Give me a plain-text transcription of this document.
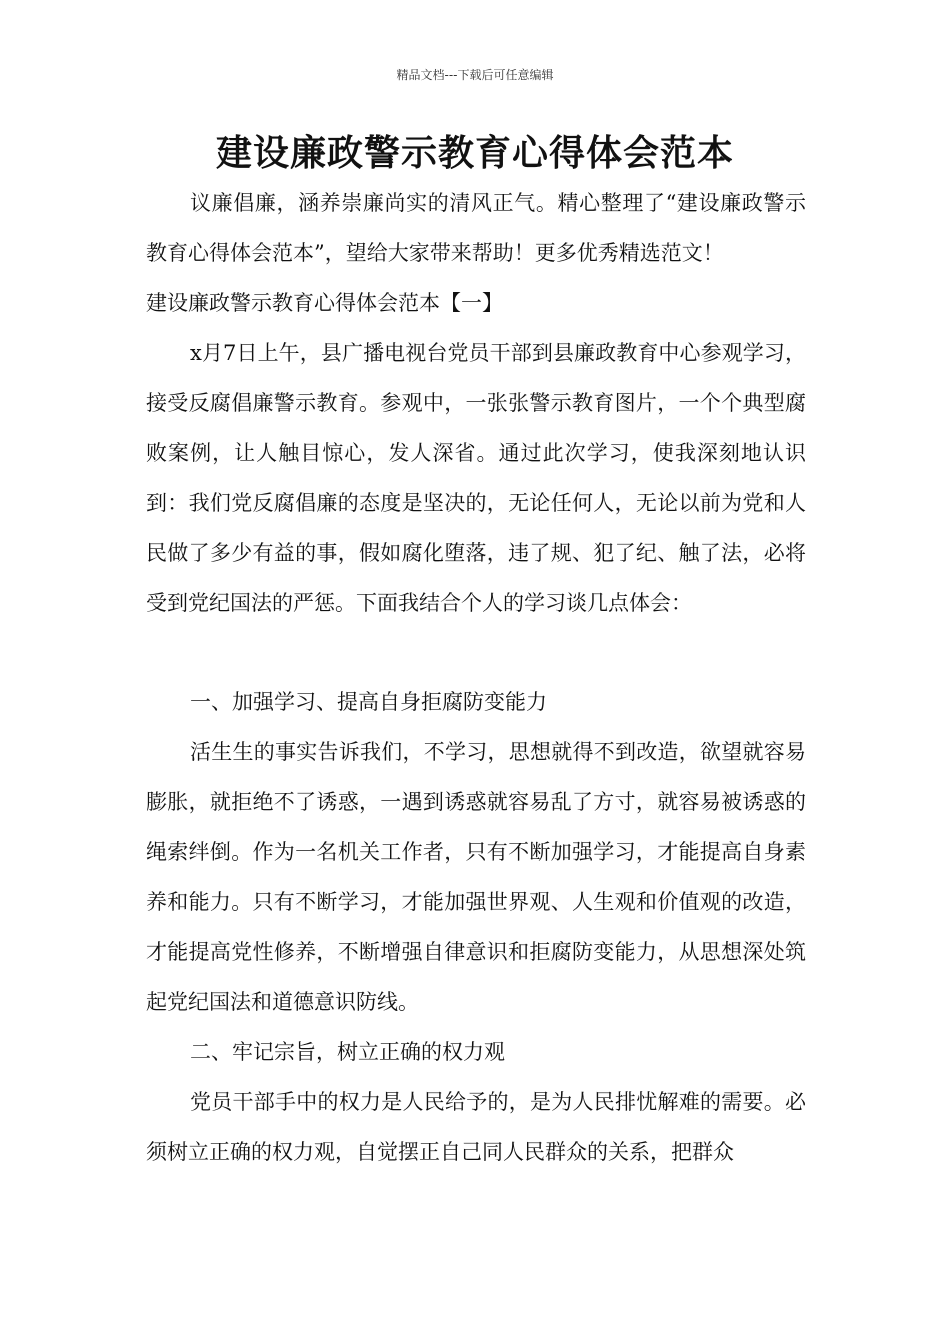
精品文档---下载后可任意编辑
建设廉政警示教育心得体会范本

议廉倡廉，涵养崇廉尚实的清风正气。精心整理了“建设廉政警示教育心得体会范本”，望给大家带来帮助！更多优秀精选范文！

建设廉政警示教育心得体会范本【一】

x月7日上午，县广播电视台党员干部到县廉政教育中心参观学习，接受反腐倡廉警示教育。参观中，一张张警示教育图片，一个个典型腐败案例，让人触目惊心，发人深省。通过此次学习，使我深刻地认识到：我们党反腐倡廉的态度是坚决的，无论任何人，无论以前为党和人民做了多少有益的事，假如腐化堕落，违了规、犯了纪、触了法，必将受到党纪国法的严惩。下面我结合个人的学习谈几点体会：

一、加强学习、提高自身拒腐防变能力

活生生的事实告诉我们，不学习，思想就得不到改造，欲望就容易膨胀，就拒绝不了诱惑，一遇到诱惑就容易乱了方寸，就容易被诱惑的绳索绊倒。作为一名机关工作者，只有不断加强学习，才能提高自身素养和能力。只有不断学习，才能加强世界观、人生观和价值观的改造，才能提高党性修养，不断增强自律意识和拒腐防变能力，从思想深处筑起党纪国法和道德意识防线。

二、牢记宗旨，树立正确的权力观

党员干部手中的权力是人民给予的，是为人民排忧解难的需要。必须树立正确的权力观，自觉摆正自己同人民群众的关系，把群众
